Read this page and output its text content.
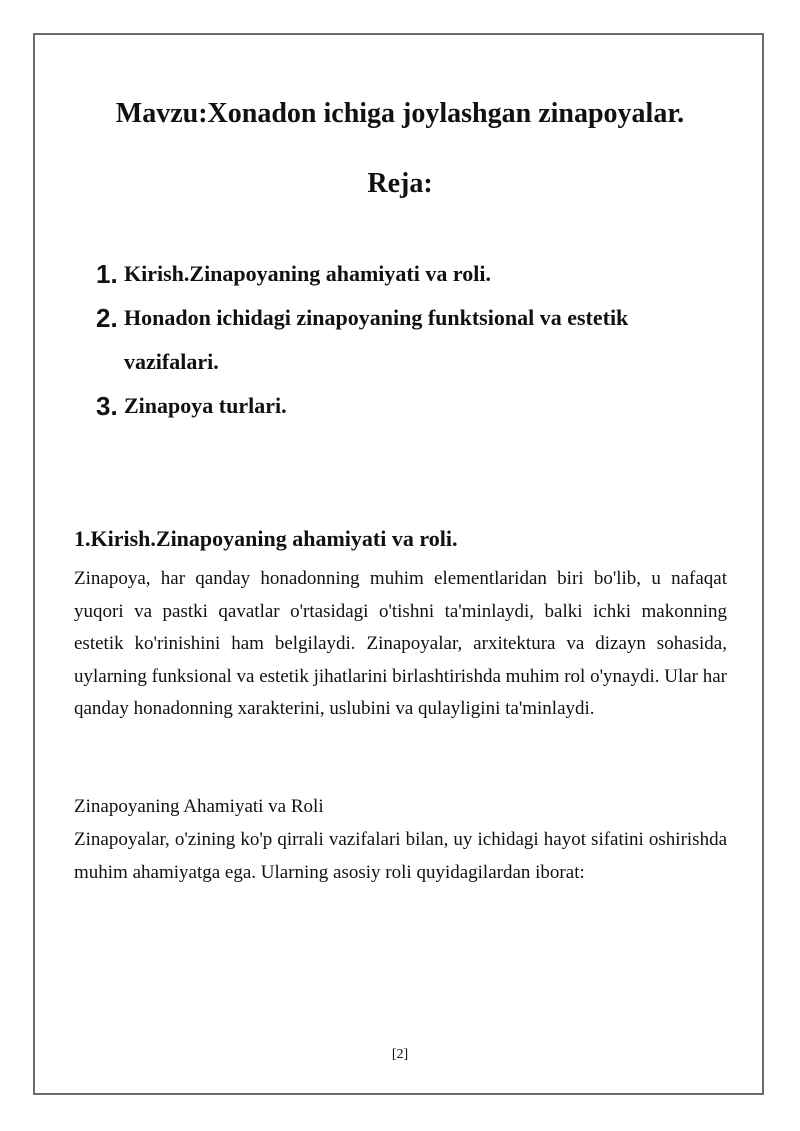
Mavzu:Xonadon ichiga joylashgan zinapoyalar.
Reja:
1. Kirish.Zinapoyaning ahamiyati va roli.
2. Honadon ichidagi zinapoyaning funktsional va estetik vazifalari.
3. Zinapoya turlari.
1.Kirish.Zinapoyaning ahamiyati va roli.

Zinapoya, har qanday honadonning muhim elementlaridan biri bo'lib, u nafaqat yuqori va pastki qavatlar o'rtasidagi o'tishni ta'minlaydi, balki ichki makonning estetik ko'rinishini ham belgilaydi. Zinapoyalar, arxitektura va dizayn sohasida, uylarning funksional va estetik jihatlarini birlashtirishda muhim rol o'ynaydi. Ular har qanday honadonning xarakterini, uslubini va qulayligini ta'minlaydi.

Zinapoyaning Ahamiyati va Roli

Zinapoyalar, o'zining ko'p qirrali vazifalari bilan, uy ichidagi hayot sifatini oshirishda muhim ahamiyatga ega. Ularning asosiy roli quyidagilardan iborat:

[2]
